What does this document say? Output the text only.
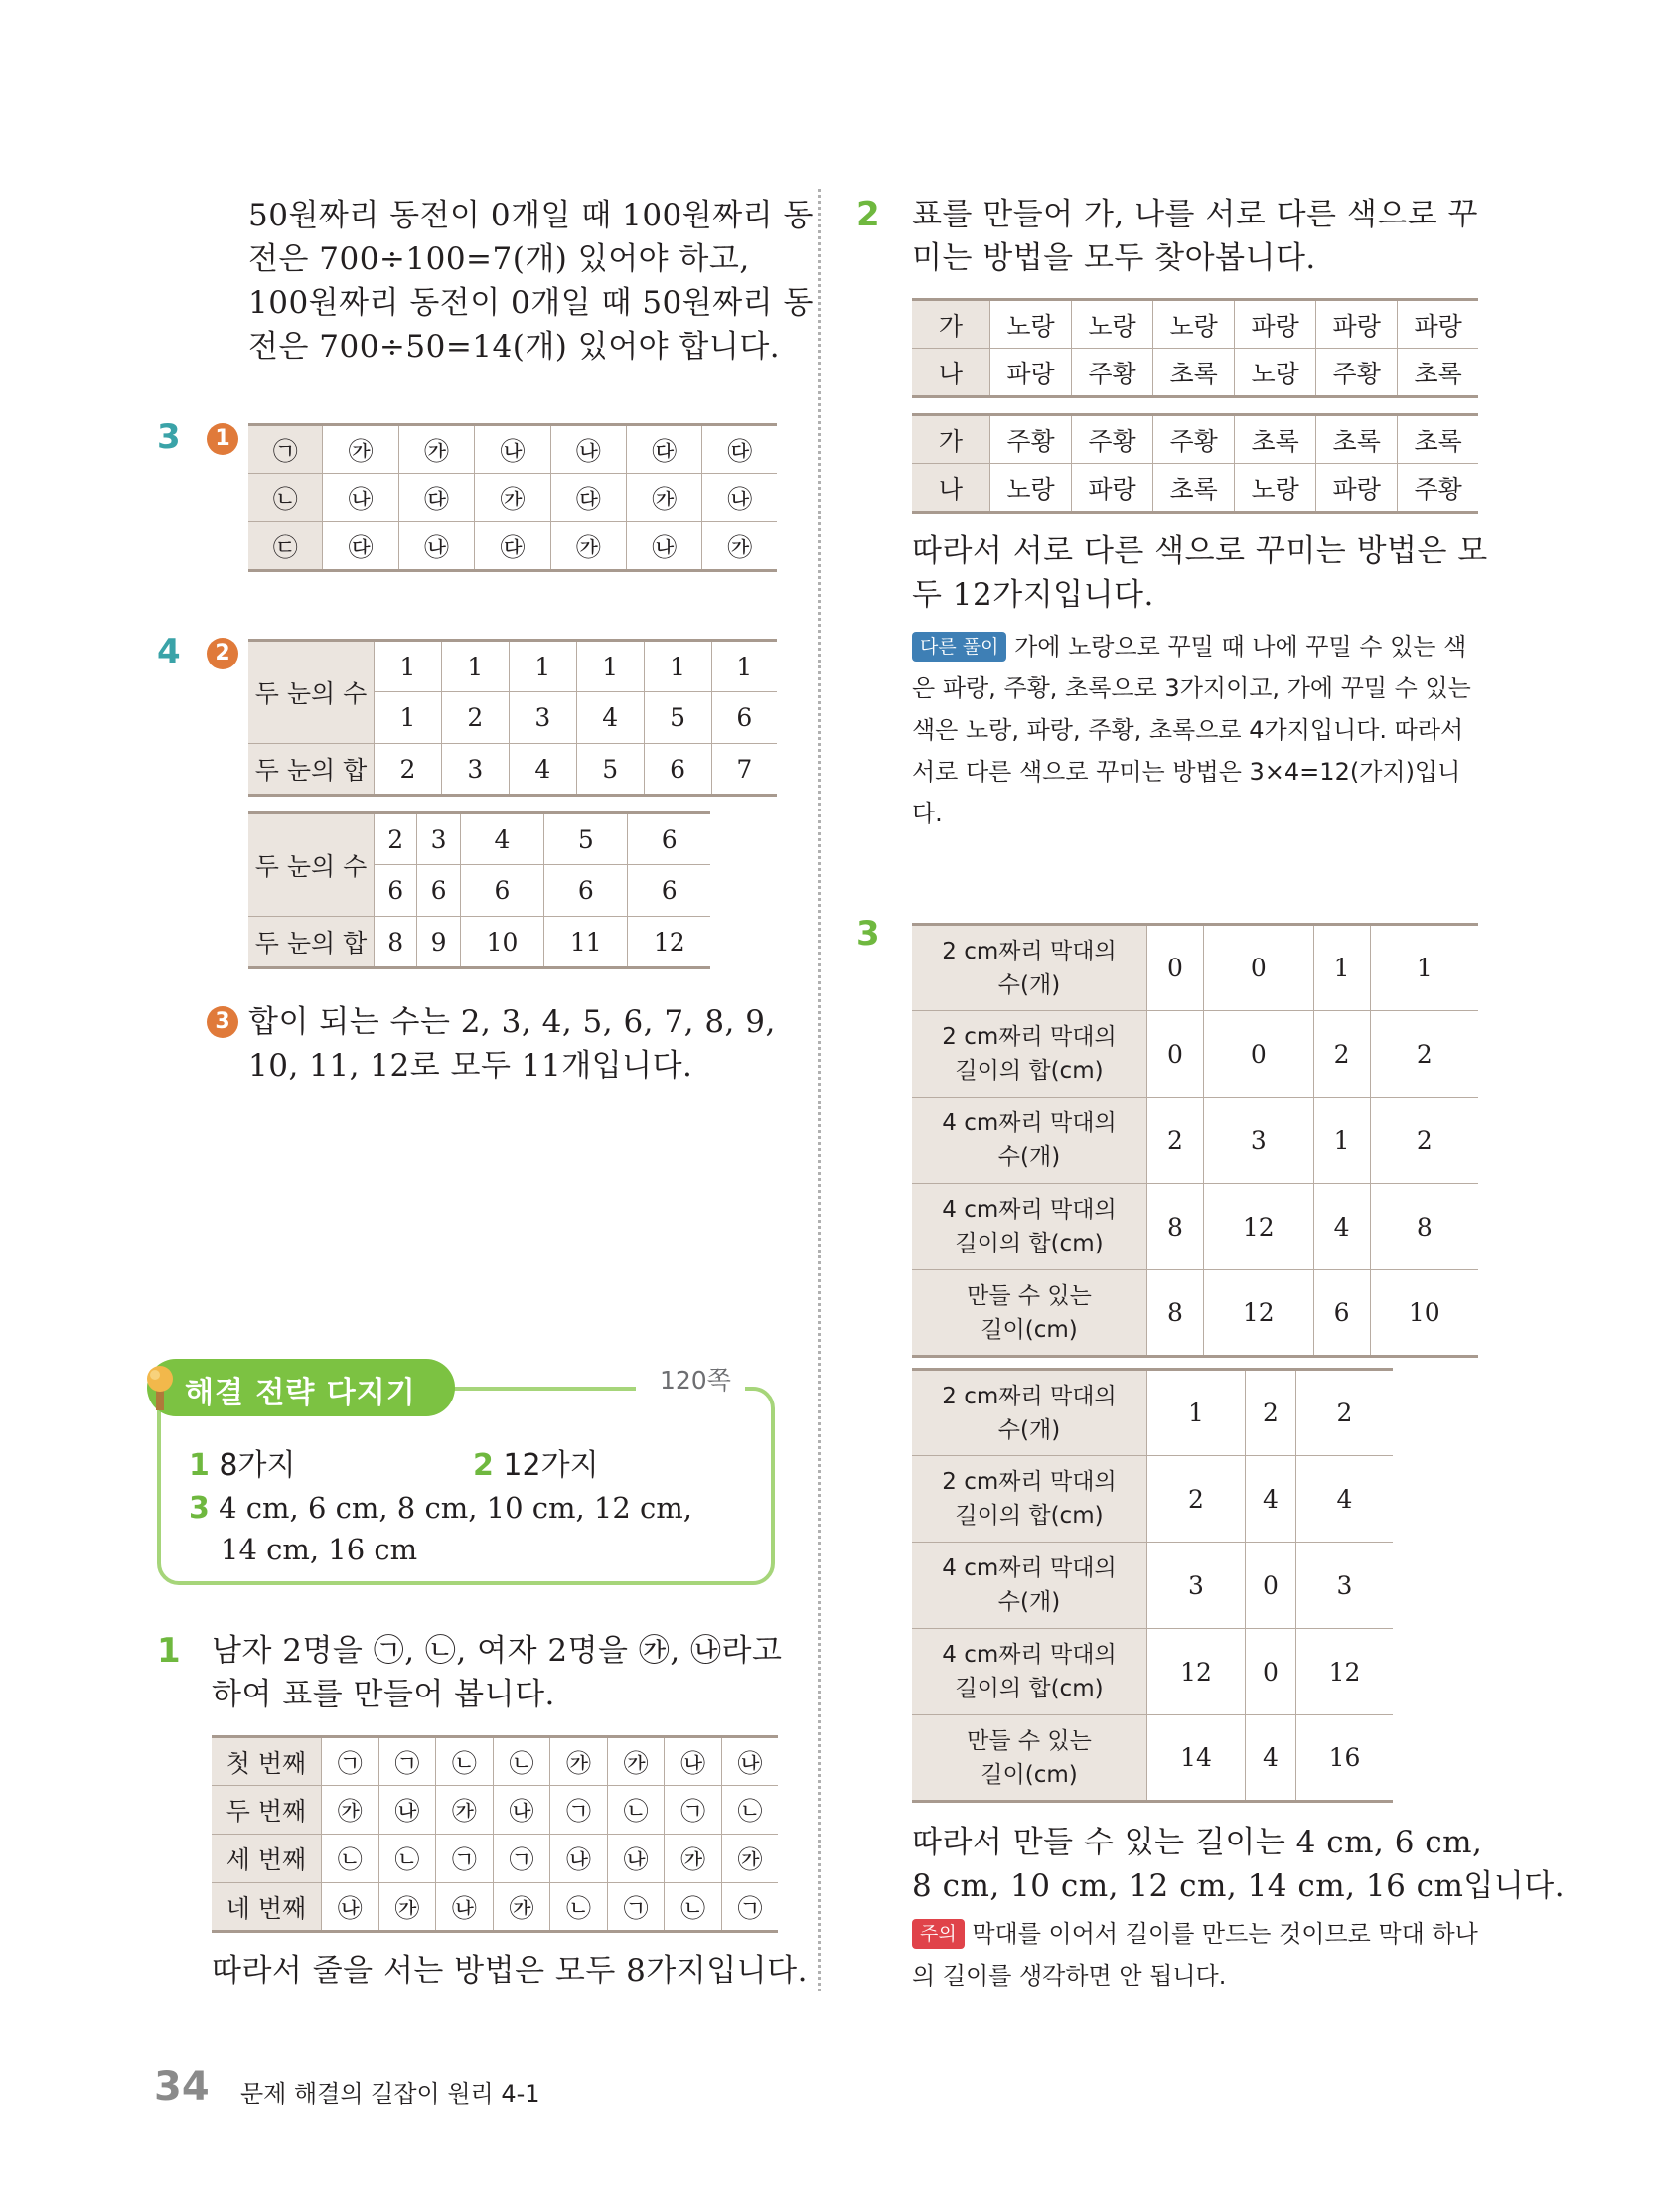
50원짜리 동전이 0개일 때 100원짜리 동
전은 700÷100=7(개) 있어야 하고,
100원짜리 동전이 0개일 때 50원짜리 동
전은 700÷50=14(개) 있어야 합니다.
3	1	㉠	㉮	㉮	㉯	㉯	㉰	㉰
㉡	㉯	㉰	㉮	㉰	㉮	㉯
㉢	㉰	㉯	㉰	㉮	㉯	㉮
4	2
두 눈의 수	1	1	1	1	1	1
	1	2	3	4	5	6
두 눈의 합	2	3	4	5	6	7
두 눈의 수	2	3	4	5	6
	6	6	6	6	6
두 눈의 합	8	9	10	11	12
3 합이 되는 수는 2, 3, 4, 5, 6, 7, 8, 9,
10, 11, 12로 모두 11개입니다.
해결 전략 다지기	120쪽
1 8가지	2 12가지
3 4 cm, 6 cm, 8 cm, 10 cm, 12 cm,
14 cm, 16 cm
1 남자 2명을 ㉠, ㉡, 여자 2명을 ㉮, ㉯라고
하여 표를 만들어 봅니다.
첫 번째	㉠	㉠	㉡	㉡	㉮	㉮	㉯	㉯
두 번째	㉮	㉯	㉮	㉯	㉠	㉡	㉠	㉡
세 번째	㉡	㉡	㉠	㉠	㉯	㉯	㉮	㉮
네 번째	㉯	㉮	㉯	㉮	㉡	㉠	㉡	㉠
따라서 줄을 서는 방법은 모두 8가지입니다.
2 표를 만들어 가, 나를 서로 다른 색으로 꾸
미는 방법을 모두 찾아봅니다.
가	노랑	노랑	노랑	파랑	파랑	파랑
나	파랑	주황	초록	노랑	주황	초록
가	주황	주황	주황	초록	초록	초록
나	노랑	파랑	초록	노랑	파랑	주황
따라서 서로 다른 색으로 꾸미는 방법은 모
두 12가지입니다.
다른 풀이 가에 노랑으로 꾸밀 때 나에 꾸밀 수 있는 색
은 파랑, 주황, 초록으로 3가지이고, 가에 꾸밀 수 있는
색은 노랑, 파랑, 주황, 초록으로 4가지입니다. 따라서
서로 다른 색으로 꾸미는 방법은 3×4=12(가지)입니
다.
3	2 cm짜리 막대의
수(개)	0	0	1	1
2 cm짜리 막대의
길이의 합(cm)	0	0	2	2
4 cm짜리 막대의
수(개)	2	3	1	2
4 cm짜리 막대의
길이의 합(cm)	8	12	4	8
만들 수 있는
길이(cm)	8	12	6	10
2 cm짜리 막대의
수(개)	1	2	2
2 cm짜리 막대의
길이의 합(cm)	2	4	4
4 cm짜리 막대의
수(개)	3	0	3
4 cm짜리 막대의
길이의 합(cm)	12	0	12
만들 수 있는
길이(cm)	14	4	16
따라서 만들 수 있는 길이는 4 cm, 6 cm,
8 cm, 10 cm, 12 cm, 14 cm, 16 cm입니다.
주의 막대를 이어서 길이를 만드는 것이므로 막대 하나
의 길이를 생각하면 안 됩니다.
34 문제 해결의 길잡이 원리 4-1
